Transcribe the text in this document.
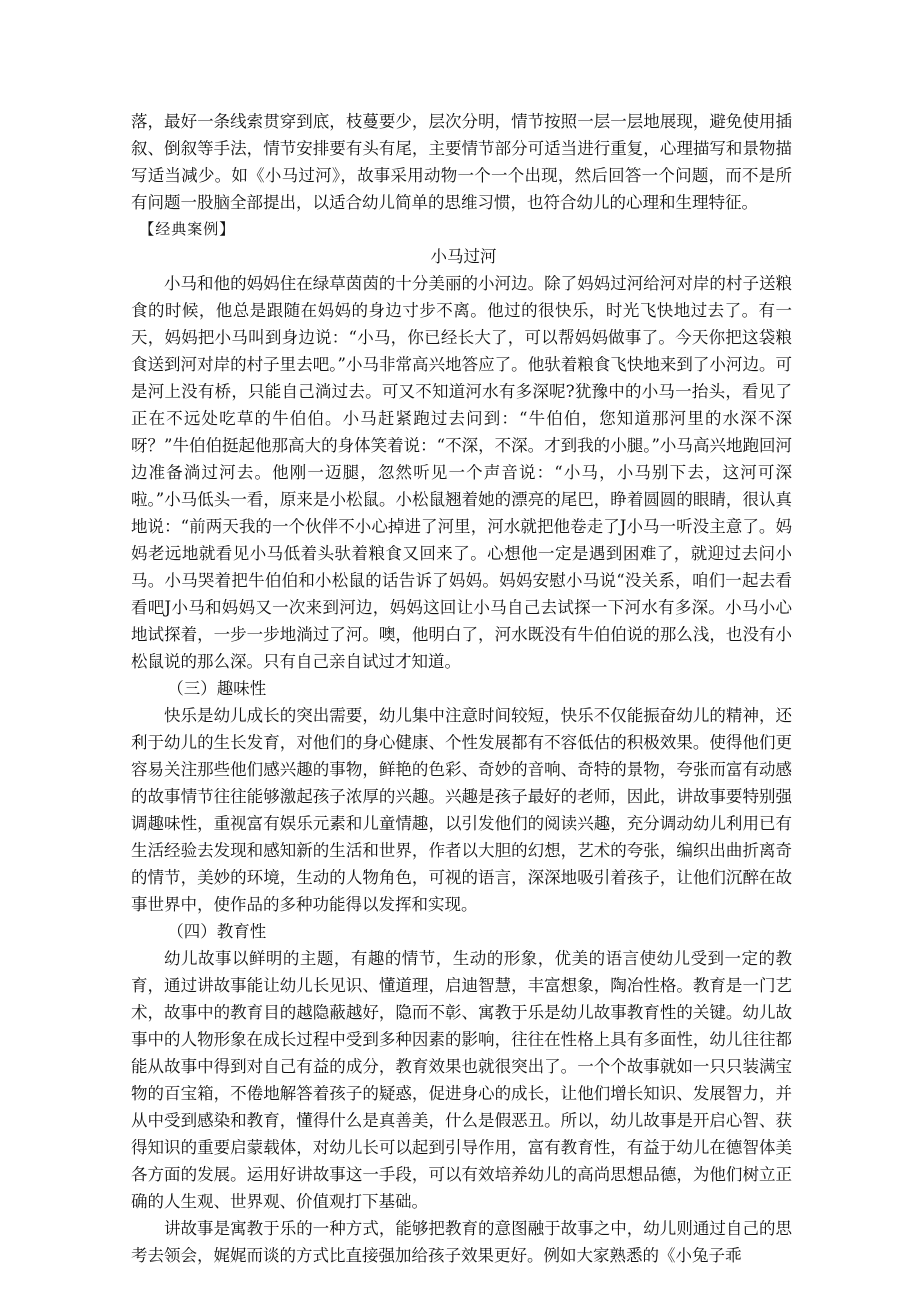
落，最好一条线索贯穿到底，枝蔓要少，层次分明，情节按照一层一层地展现，避免使用插叙、倒叙等手法，情节安排要有头有尾，主要情节部分可适当进行重复，心理描写和景物描写适当减少。如《小马过河》，故事采用动物一个一个出现，然后回答一个问题，而不是所有问题一股脑全部提出，以适合幼儿简单的思维习惯，也符合幼儿的心理和生理特征。

【经典案例】

小马过河

小马和他的妈妈住在绿草茵茵的十分美丽的小河边。除了妈妈过河给河对岸的村子送粮食的时候，他总是跟随在妈妈的身边寸步不离。他过的很快乐，时光飞快地过去了。有一天，妈妈把小马叫到身边说：“小马，你已经长大了，可以帮妈妈做事了。今天你把这袋粮食送到河对岸的村子里去吧。”小马非常高兴地答应了。他驮着粮食飞快地来到了小河边。可是河上没有桥，只能自己淌过去。可又不知道河水有多深呢?犹豫中的小马一抬头，看见了正在不远处吃草的牛伯伯。小马赶紧跑过去问到：“牛伯伯，您知道那河里的水深不深呀？”牛伯伯挺起他那高大的身体笑着说：“不深，不深。才到我的小腿。”小马高兴地跑回河边准备淌过河去。他刚一迈腿，忽然听见一个声音说：“小马，小马别下去，这河可深啦。”小马低头一看，原来是小松鼠。小松鼠翘着她的漂亮的尾巴，睁着圆圆的眼睛，很认真地说：“前两天我的一个伙伴不小心掉进了河里，河水就把他卷走了J小马一听没主意了。妈妈老远地就看见小马低着头驮着粮食又回来了。心想他一定是遇到困难了，就迎过去问小马。小马哭着把牛伯伯和小松鼠的话告诉了妈妈。妈妈安慰小马说“没关系，咱们一起去看看吧J小马和妈妈又一次来到河边，妈妈这回让小马自己去试探一下河水有多深。小马小心地试探着，一步一步地淌过了河。噢，他明白了，河水既没有牛伯伯说的那么浅，也没有小松鼠说的那么深。只有自己亲自试过才知道。

（三）趣味性

快乐是幼儿成长的突出需要，幼儿集中注意时间较短，快乐不仅能振奋幼儿的精神，还利于幼儿的生长发育，对他们的身心健康、个性发展都有不容低估的积极效果。使得他们更容易关注那些他们感兴趣的事物，鲜艳的色彩、奇妙的音响、奇特的景物，夸张而富有动感的故事情节往往能够激起孩子浓厚的兴趣。兴趣是孩子最好的老师，因此，讲故事要特别强调趣味性，重视富有娱乐元素和儿童情趣，以引发他们的阅读兴趣，充分调动幼儿利用已有生活经验去发现和感知新的生活和世界，作者以大胆的幻想，艺术的夸张，编织出曲折离奇的情节，美妙的环境，生动的人物角色，可视的语言，深深地吸引着孩子，让他们沉醉在故事世界中，使作品的多种功能得以发挥和实现。

（四）教育性

幼儿故事以鲜明的主题，有趣的情节，生动的形象，优美的语言使幼儿受到一定的教育，通过讲故事能让幼儿长见识、懂道理，启迪智慧，丰富想象，陶冶性格。教育是一门艺术，故事中的教育目的越隐蔽越好，隐而不彰、寓教于乐是幼儿故事教育性的关键。幼儿故事中的人物形象在成长过程中受到多种因素的影响，往往在性格上具有多面性，幼儿往往都能从故事中得到对自己有益的成分，教育效果也就很突出了。一个个故事就如一只只装满宝物的百宝箱，不倦地解答着孩子的疑惑，促进身心的成长，让他们增长知识、发展智力，并从中受到感染和教育，懂得什么是真善美，什么是假恶丑。所以，幼儿故事是开启心智、获得知识的重要启蒙载体，对幼儿长可以起到引导作用，富有教育性，有益于幼儿在德智体美各方面的发展。运用好讲故事这一手段，可以有效培养幼儿的高尚思想品德，为他们树立正确的人生观、世界观、价值观打下基础。

讲故事是寓教于乐的一种方式，能够把教育的意图融于故事之中，幼儿则通过自己的思考去领会，娓娓而谈的方式比直接强加给孩子效果更好。例如大家熟悉的《小兔子乖
